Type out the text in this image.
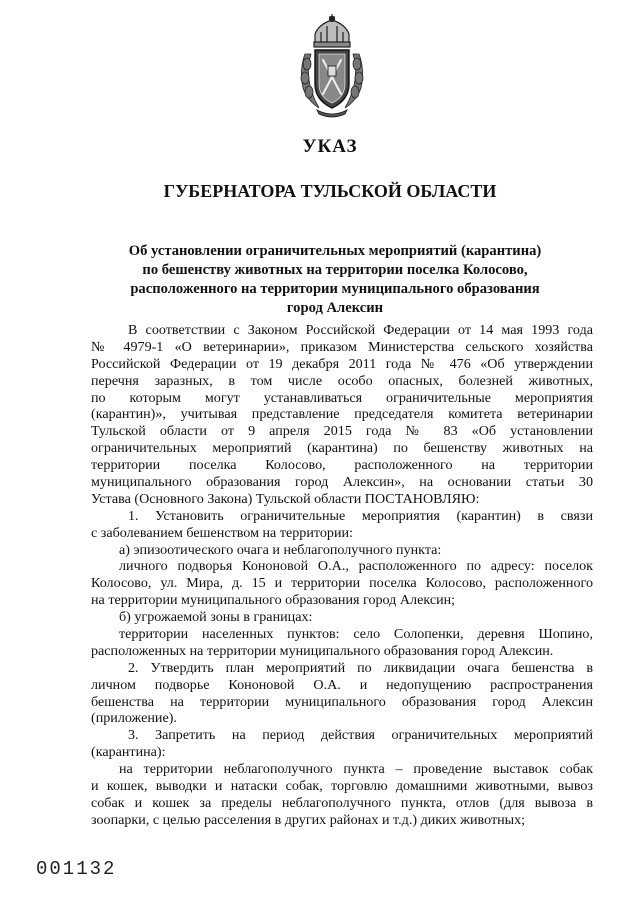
УКАЗ
ГУБЕРНАТОРА ТУЛЬСКОЙ ОБЛАСТИ
Об установлении ограничительных мероприятий (карантина)
по бешенству животных на территории поселка Колосово,
расположенного на территории муниципального образования
город Алексин
В соответствии с Законом Российской Федерации от 14 мая 1993 года
№ 4979-1 «О ветеринарии», приказом Министерства сельского хозяйства
Российской Федерации от 19 декабря 2011 года № 476 «Об утверждении
перечня заразных, в том числе особо опасных, болезней животных,
по которым могут устанавливаться ограничительные мероприятия
(карантин)», учитывая представление председателя комитета ветеринарии
Тульской области от 9 апреля 2015 года № 83 «Об установлении
ограничительных мероприятий (карантина) по бешенству животных на
территории поселка Колосово, расположенного на территории
муниципального образования город Алексин», на основании статьи 30
Устава (Основного Закона) Тульской области ПОСТАНОВЛЯЮ:
1. Установить ограничительные мероприятия (карантин) в связи
с заболеванием бешенством на территории:
а) эпизоотического очага и неблагополучного пункта:
личного подворья Кононовой О.А., расположенного по адресу: поселок
Колосово, ул. Мира, д. 15 и территории поселка Колосово, расположенного
на территории муниципального образования город Алексин;
б) угрожаемой зоны в границах:
территории населенных пунктов: село Солопенки, деревня Шопино,
расположенных на территории муниципального образования город Алексин.
2. Утвердить план мероприятий по ликвидации очага бешенства в
личном подворье Кононовой О.А. и недопущению распространения
бешенства на территории муниципального образования город Алексин
(приложение).
3. Запретить на период действия ограничительных мероприятий
(карантина):
на территории неблагополучного пункта – проведение выставок собак
и кошек, выводки и натаски собак, торговлю домашними животными, вывоз
собак и кошек за пределы неблагополучного пункта, отлов (для вывоза в
зоопарки, с целью расселения в других районах и т.д.) диких животных;
001132
